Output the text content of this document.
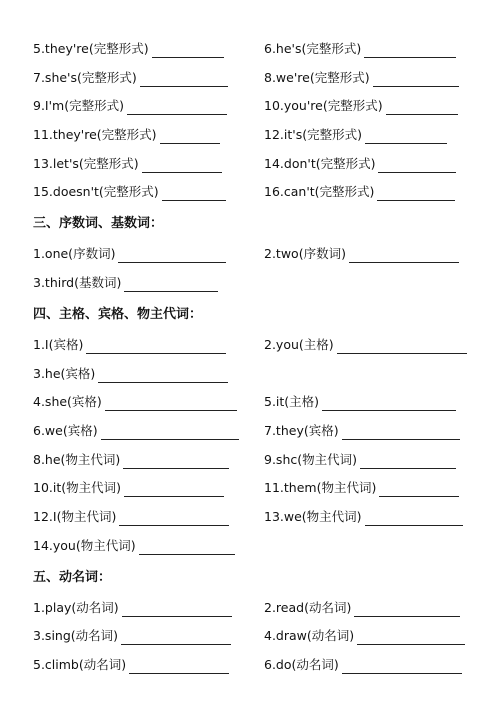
5.they're(完整形式)	6.he's(完整形式)
7.she's(完整形式)	8.we're(完整形式)
9.I'm(完整形式)	10.you're(完整形式)
11.they're(完整形式)	12.it's(完整形式)
13.let's(完整形式)	14.don't(完整形式)
15.doesn't(完整形式)	16.can't(完整形式)
三、序数词、基数词：
1.one(序数词)	2.two(序数词)
3.third(基数词)
四、主格、宾格、物主代词：
1.I(宾格)	2.you(主格)
3.he(宾格)
4.she(宾格)	5.it(主格)
6.we(宾格)	7.they(宾格)
8.he(物主代词)	9.shc(物主代词)
10.it(物主代词)	11.them(物主代词)
12.I(物主代词)	13.we(物主代词)
14.you(物主代词)
五、动名词：
1.play(动名词)	2.read(动名词)
3.sing(动名词)	4.draw(动名词)
5.climb(动名词)	6.do(动名词)
